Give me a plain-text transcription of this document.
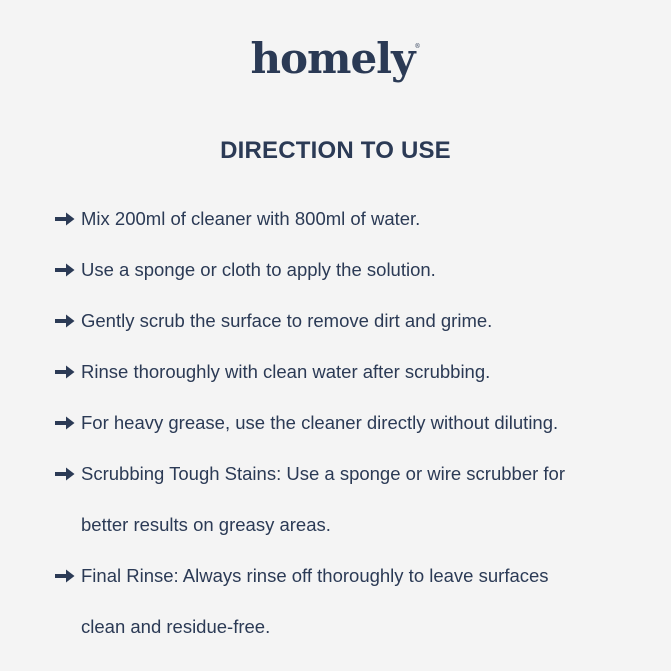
homely®
DIRECTION TO USE
Mix 200ml of cleaner with 800ml of water.
Use a sponge or cloth to apply the solution.
Gently scrub the surface to remove dirt and grime.
Rinse thoroughly with clean water after scrubbing.
For heavy grease, use the cleaner directly without diluting.
Scrubbing Tough Stains: Use a sponge or wire scrubber for better results on greasy areas.
Final Rinse: Always rinse off thoroughly to leave surfaces clean and residue-free.
